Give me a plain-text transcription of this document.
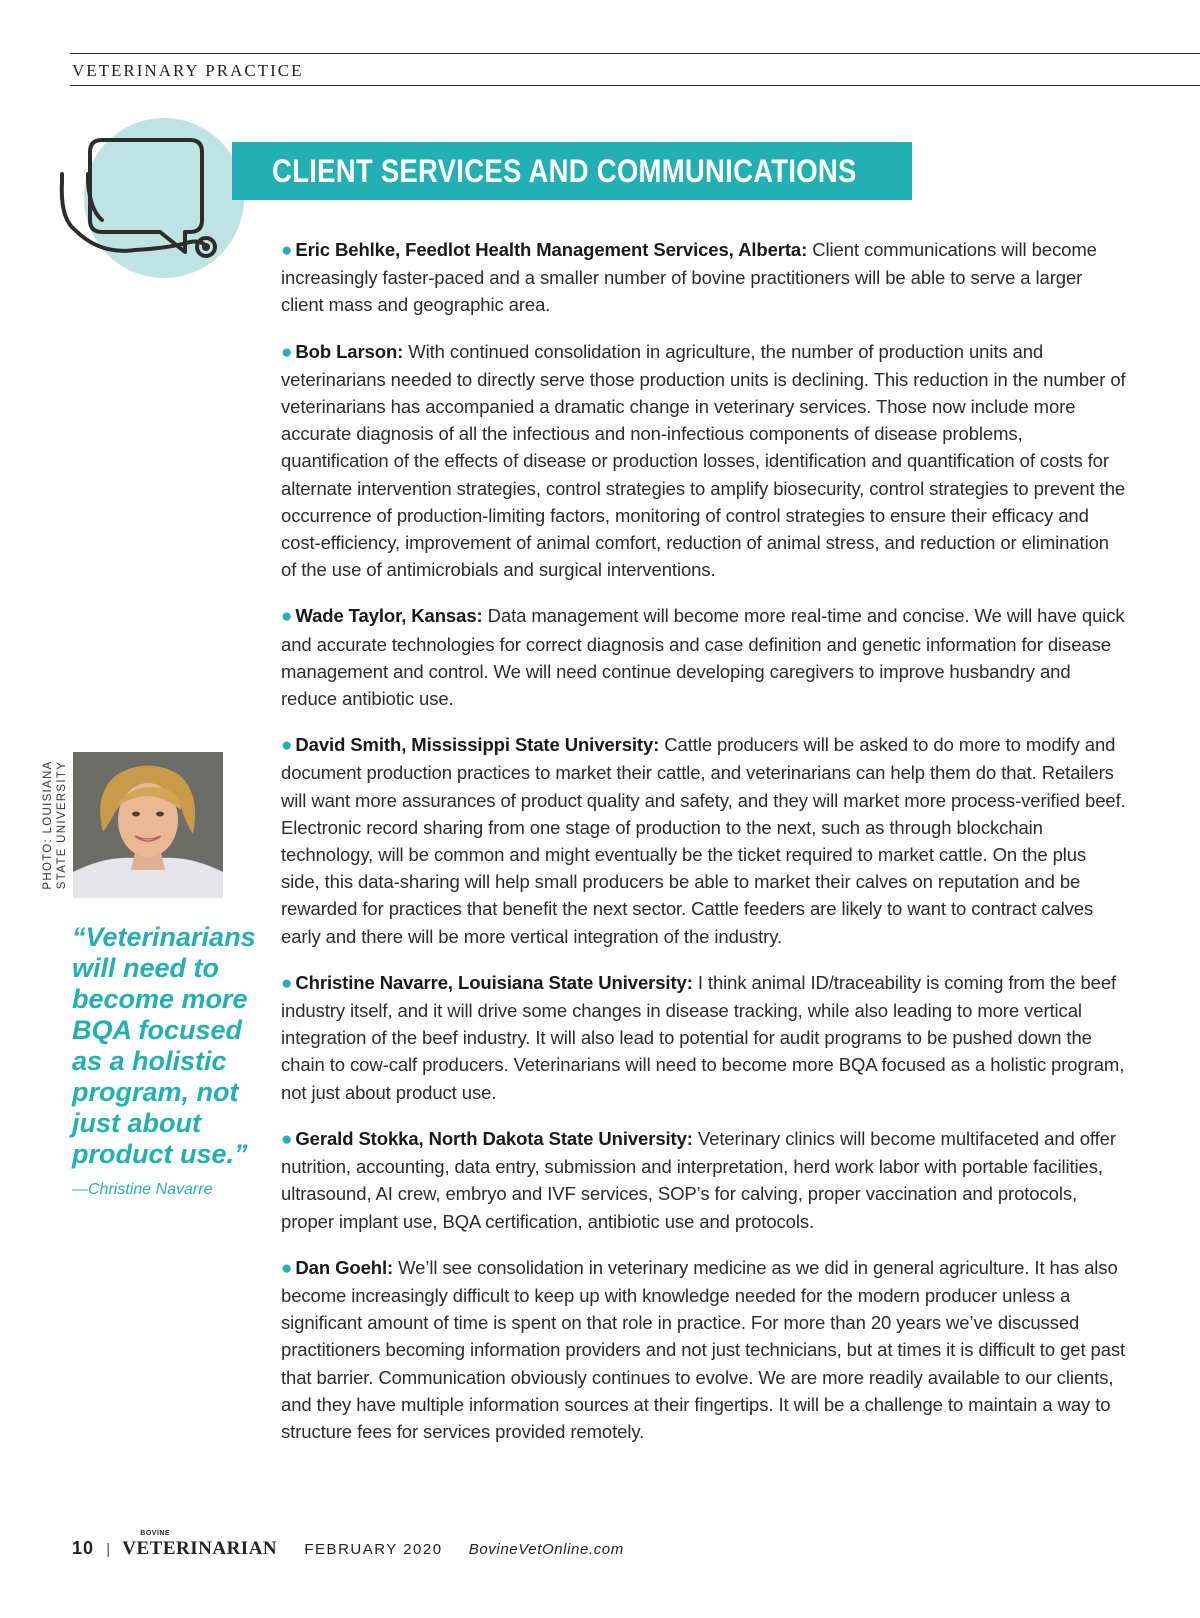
VETERINARY PRACTICE
CLIENT SERVICES AND COMMUNICATIONS

● Eric Behlke, Feedlot Health Management Services, Alberta: Client communications will become increasingly faster-paced and a smaller number of bovine practitioners will be able to serve a larger client mass and geographic area.

● Bob Larson: With continued consolidation in agriculture, the number of production units and veterinarians needed to directly serve those production units is declining. This reduction in the number of veterinarians has accompanied a dramatic change in veterinary services. Those now include more accurate diagnosis of all the infectious and non-infectious components of disease problems, quantification of the effects of disease or production losses, identification and quantification of costs for alternate intervention strategies, control strategies to amplify biosecurity, control strategies to prevent the occurrence of production-limiting factors, monitoring of control strategies to ensure their efficacy and cost-efficiency, improvement of animal comfort, reduction of animal stress, and reduction or elimination of the use of antimicrobials and surgical interventions.

● Wade Taylor, Kansas: Data management will become more real-time and concise. We will have quick and accurate technologies for correct diagnosis and case definition and genetic information for disease management and control. We will need continue developing caregivers to improve husbandry and reduce antibiotic use.

● David Smith, Mississippi State University: Cattle producers will be asked to do more to modify and document production practices to market their cattle, and veterinarians can help them do that. Retailers will want more assurances of product quality and safety, and they will market more process-verified beef. Electronic record sharing from one stage of production to the next, such as through blockchain technology, will be common and might eventually be the ticket required to market cattle. On the plus side, this data-sharing will help small producers be able to market their calves on reputation and be rewarded for practices that benefit the next sector. Cattle feeders are likely to want to contract calves early and there will be more vertical integration of the industry.

● Christine Navarre, Louisiana State University: I think animal ID/traceability is coming from the beef industry itself, and it will drive some changes in disease tracking, while also leading to more vertical integration of the beef industry. It will also lead to potential for audit programs to be pushed down the chain to cow-calf producers. Veterinarians will need to become more BQA focused as a holistic program, not just about product use.

● Gerald Stokka, North Dakota State University: Veterinary clinics will become multifaceted and offer nutrition, accounting, data entry, submission and interpretation, herd work labor with portable facilities, ultrasound, AI crew, embryo and IVF services, SOP’s for calving, proper vaccination and protocols, proper implant use, BQA certification, antibiotic use and protocols.

● Dan Goehl: We’ll see consolidation in veterinary medicine as we did in general agriculture. It has also become increasingly difficult to keep up with knowledge needed for the modern producer unless a significant amount of time is spent on that role in practice. For more than 20 years we’ve discussed practitioners becoming information providers and not just technicians, but at times it is difficult to get past that barrier. Communication obviously continues to evolve. We are more readily available to our clients, and they have multiple information sources at their fingertips. It will be a challenge to maintain a way to structure fees for services provided remotely.

PHOTO: LOUISIANA STATE UNIVERSITY
“Veterinarians will need to become more BQA focused as a holistic program, not just about product use.”
—Christine Navarre
10 |
BOVINE
VETERINARIAN FEBRUARY 2020 BovineVetOnline.com
